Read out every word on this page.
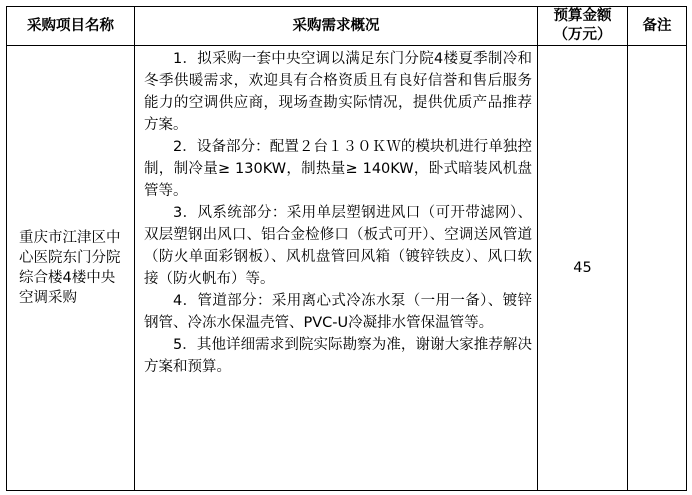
采购项目名称	采购需求概况	预算金额（万元）	备注
重庆市江津区中心医院东门分院综合楼4楼中央空调采购	1．拟采购一套中央空调以满足东门分院4楼夏季制冷和冬季供暖需求，欢迎具有合格资质且有良好信誉和售后服务能力的空调供应商，现场查勘实际情况，提供优质产品推荐方案。

2．设备部分：配置２台１３０ＫＷ的模块机进行单独控制，制冷量≥ 130KW，制热量≥ 140KW，卧式暗装风机盘管等。

3．风系统部分：采用单层塑钢进风口（可开带滤网）、双层塑钢出风口、铝合金检修口（板式可开）、空调送风管道（防火单面彩钢板）、风机盘管回风箱（镀锌铁皮）、风口软接（防火帆布）等。

4．管道部分：采用离心式冷冻水泵（一用一备）、镀锌钢管、冷冻水保温壳管、PVC-U冷凝排水管保温管等。

5．其他详细需求到院实际勘察为准，谢谢大家推荐解决方案和预算。	45	
